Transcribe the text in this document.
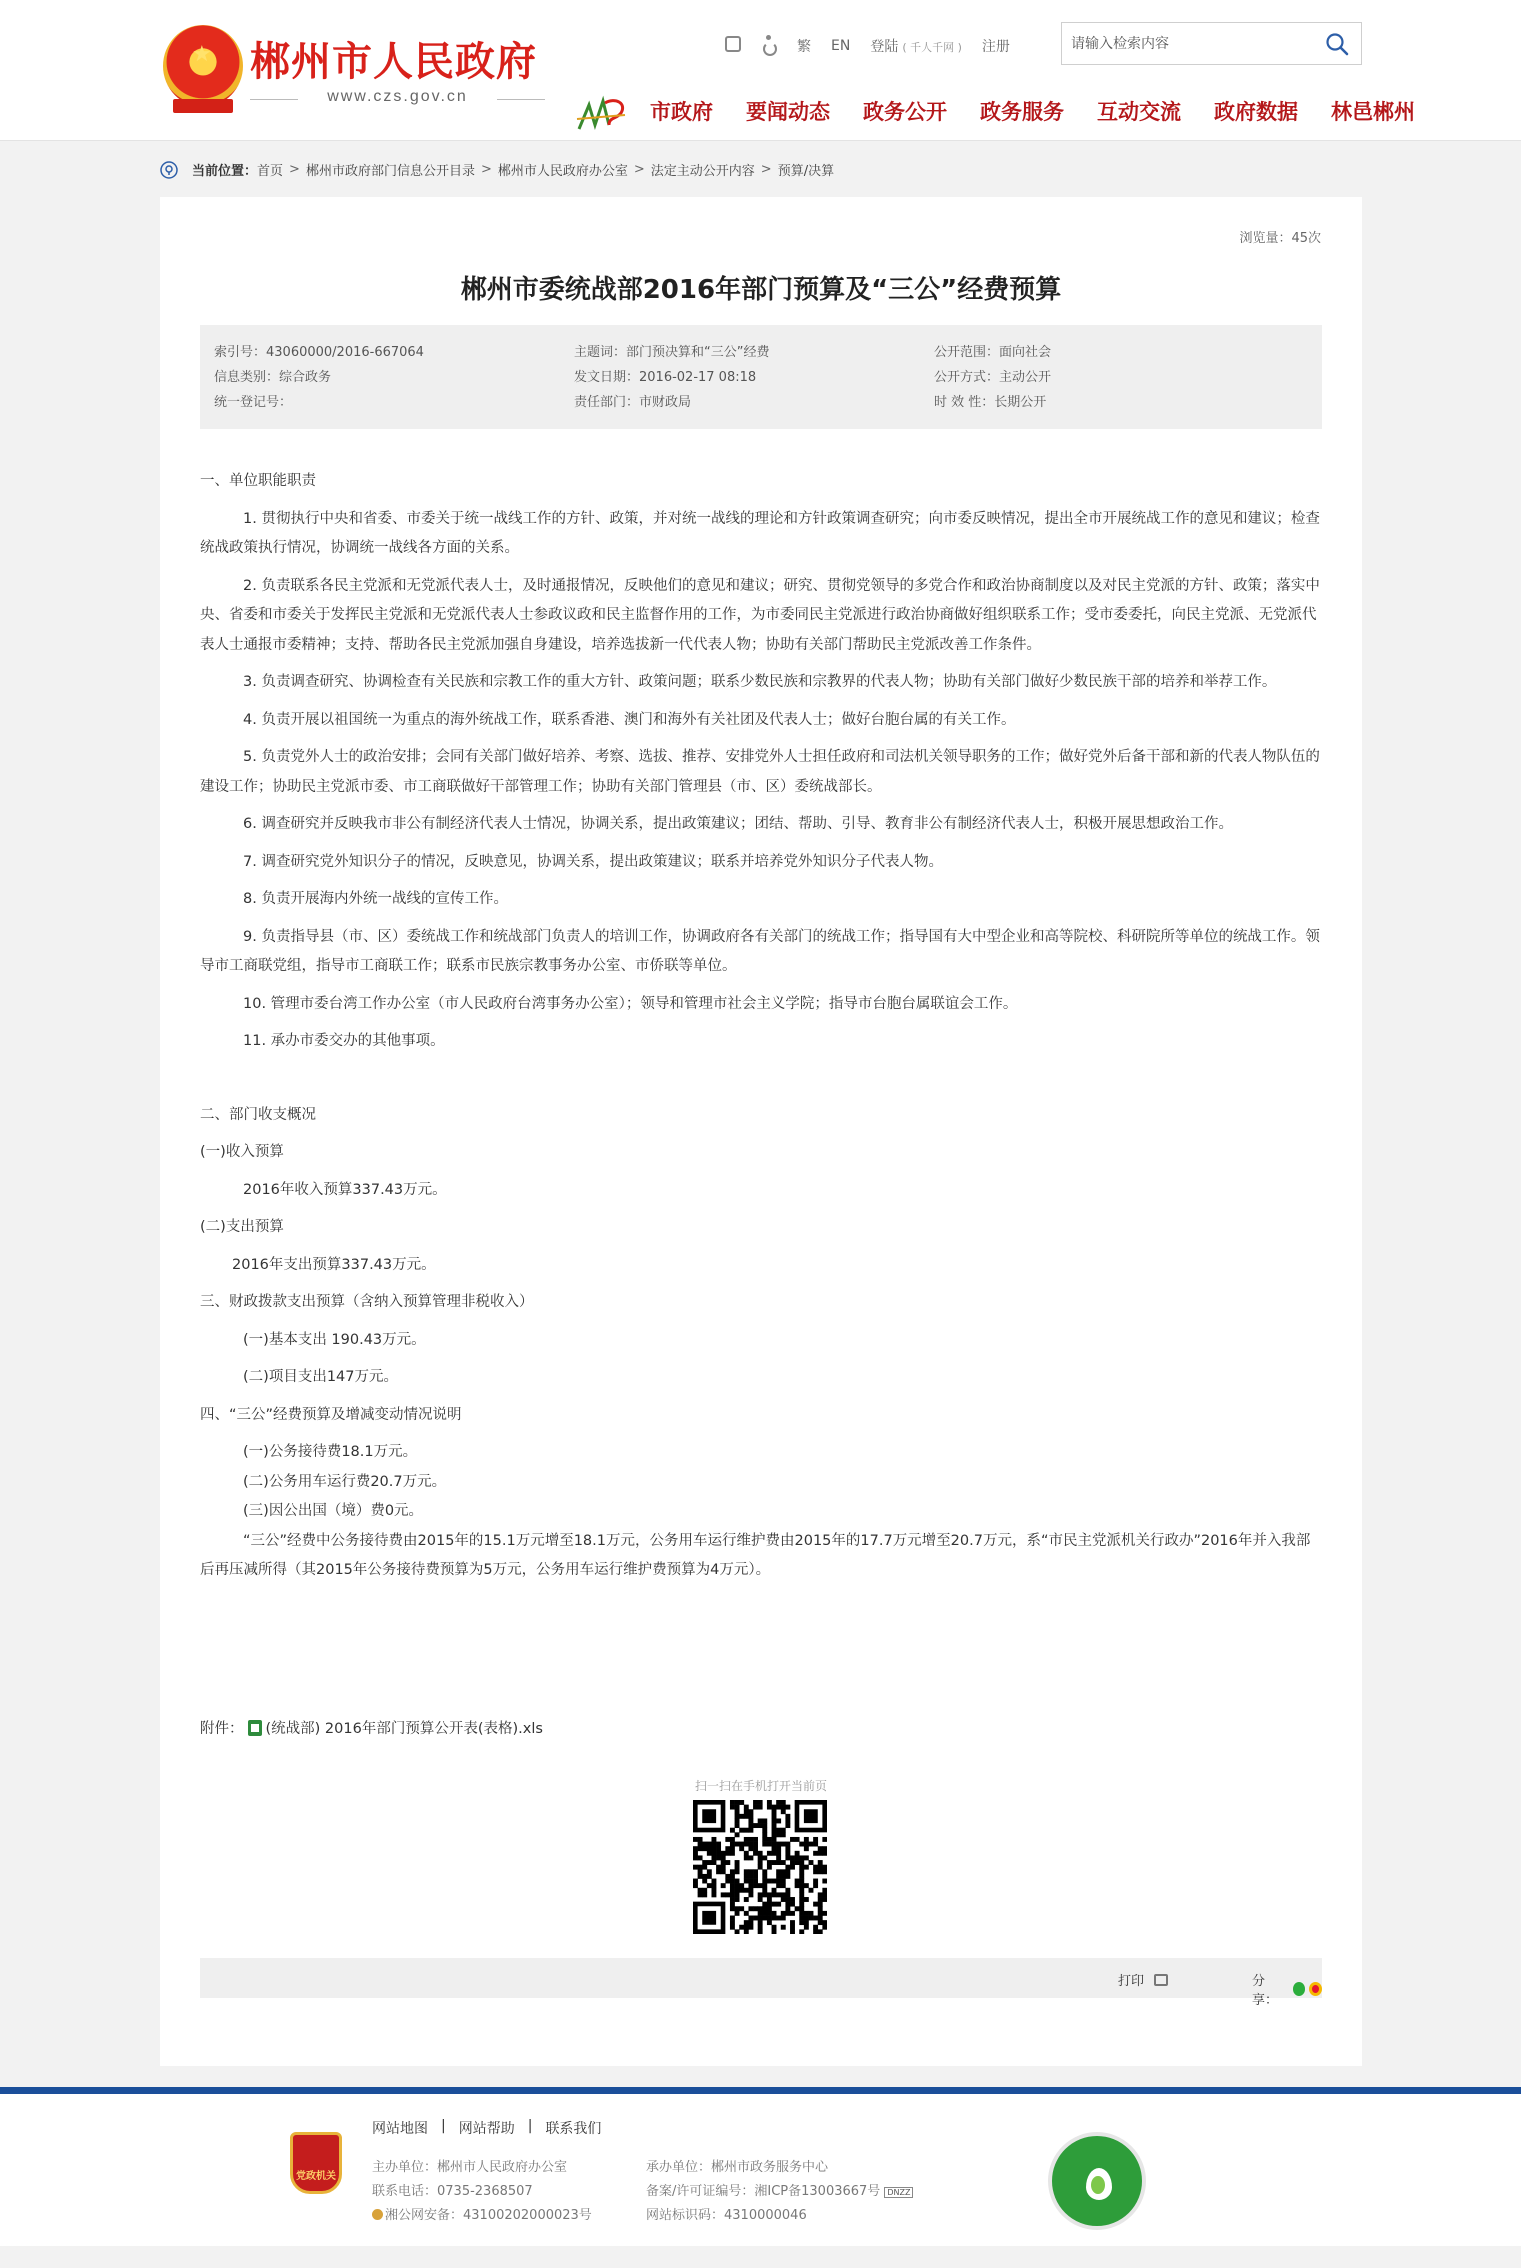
★ 郴州市人民政府
www.czs.gov.cn
繁 EN 登陆 ( 千人千网 ) 注册
请输入检索内容
市政府 要闻动态 政务公开 政务服务 互动交流 政府数据 林邑郴州
当前位置： 首页 > 郴州市政府部门信息公开目录 > 郴州市人民政府办公室 > 法定主动公开内容 > 预算/决算
浏览量：45次
郴州市委统战部2016年部门预算及“三公”经费预算
索引号：43060000/2016-667064	主题词：部门预决算和“三公”经费	公开范围：面向社会
信息类别：综合政务	发文日期：2016-02-17 08:18	公开方式：主动公开
统一登记号：	责任部门：市财政局	时 效 性：长期公开

一、单位职能职责

1. 贯彻执行中央和省委、市委关于统一战线工作的方针、政策，并对统一战线的理论和方针政策调查研究；向市委反映情况，提出全市开展统战工作的意见和建议；检查统战政策执行情况，协调统一战线各方面的关系。

2. 负责联系各民主党派和无党派代表人士，及时通报情况，反映他们的意见和建议；研究、贯彻党领导的多党合作和政治协商制度以及对民主党派的方针、政策；落实中央、省委和市委关于发挥民主党派和无党派代表人士参政议政和民主监督作用的工作，为市委同民主党派进行政治协商做好组织联系工作；受市委委托，向民主党派、无党派代表人士通报市委精神；支持、帮助各民主党派加强自身建设，培养选拔新一代代表人物；协助有关部门帮助民主党派改善工作条件。

3. 负责调查研究、协调检查有关民族和宗教工作的重大方针、政策问题；联系少数民族和宗教界的代表人物；协助有关部门做好少数民族干部的培养和举荐工作。

4. 负责开展以祖国统一为重点的海外统战工作，联系香港、澳门和海外有关社团及代表人士；做好台胞台属的有关工作。

5. 负责党外人士的政治安排；会同有关部门做好培养、考察、选拔、推荐、安排党外人士担任政府和司法机关领导职务的工作；做好党外后备干部和新的代表人物队伍的建设工作；协助民主党派市委、市工商联做好干部管理工作；协助有关部门管理县（市、区）委统战部长。

6. 调查研究并反映我市非公有制经济代表人士情况，协调关系，提出政策建议；团结、帮助、引导、教育非公有制经济代表人士，积极开展思想政治工作。

7. 调查研究党外知识分子的情况，反映意见，协调关系，提出政策建议；联系并培养党外知识分子代表人物。

8. 负责开展海内外统一战线的宣传工作。

9. 负责指导县（市、区）委统战工作和统战部门负责人的培训工作，协调政府各有关部门的统战工作；指导国有大中型企业和高等院校、科研院所等单位的统战工作。领导市工商联党组，指导市工商联工作；联系市民族宗教事务办公室、市侨联等单位。

10. 管理市委台湾工作办公室（市人民政府台湾事务办公室）；领导和管理市社会主义学院；指导市台胞台属联谊会工作。

11. 承办市委交办的其他事项。

二、部门收支概况

(一)收入预算

2016年收入预算337.43万元。

(二)支出预算

2016年支出预算337.43万元。

三、财政拨款支出预算（含纳入预算管理非税收入）

(一)基本支出 190.43万元。

(二)项目支出147万元。

四、“三公”经费预算及增减变动情况说明

(一)公务接待费18.1万元。

(二)公务用车运行费20.7万元。

(三)因公出国（境）费0元。

“三公”经费中公务接待费由2015年的15.1万元增至18.1万元，公务用车运行维护费由2015年的17.7万元增至20.7万元，系“市民主党派机关行政办”2016年并入我部后再压减所得（其2015年公务接待费预算为5万元，公务用车运行维护费预算为4万元）。

附件： (统战部) 2016年部门预算公开表(表格).xls
扫一扫在手机打开当前页
打印	分享：
党政机关
网站地图 | 网站帮助 | 联系我们
主办单位：郴州市人民政府办公室
联系电话：0735-2368507
湘公网安备：43100202000023号
承办单位：郴州市政务服务中心
备案/许可证编号：湘ICP备13003667号 DNZZ
网站标识码：4310000046
